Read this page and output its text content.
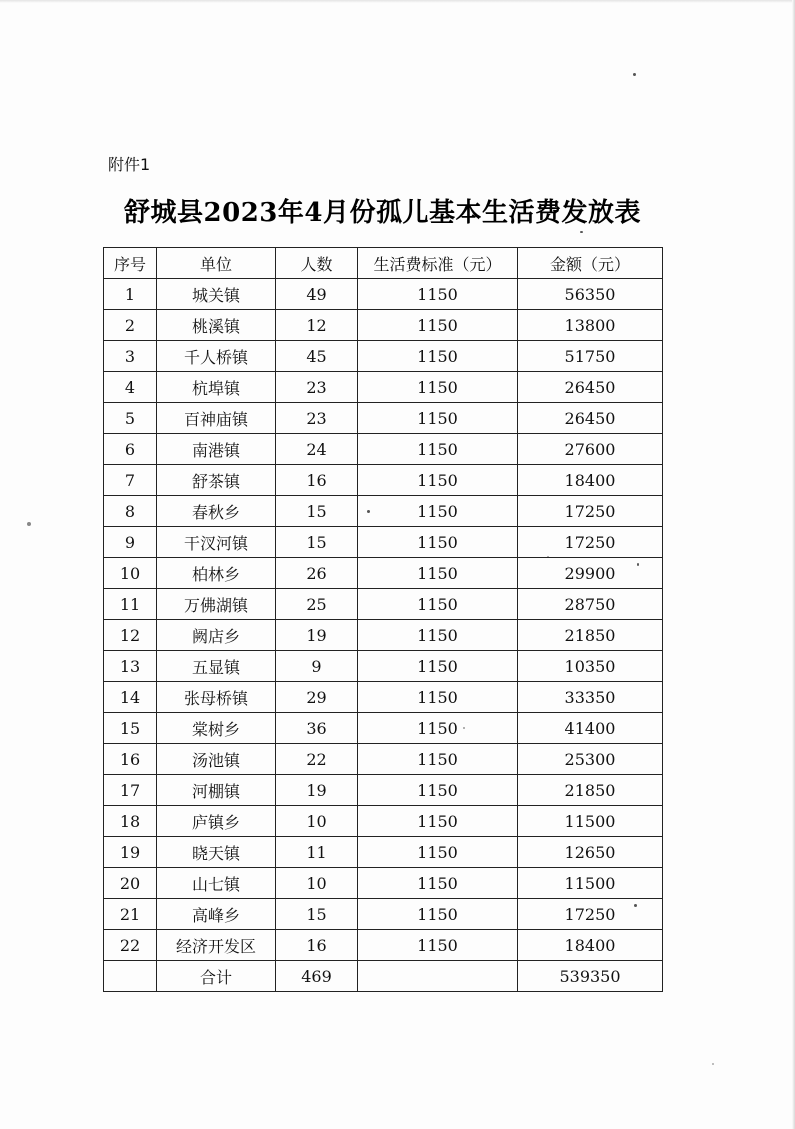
附件1
舒城县2023年4月份孤儿基本生活费发放表
序号	单位	人数	生活费标准（元）	金额（元）
1	城关镇	49	1150	56350
2	桃溪镇	12	1150	13800
3	千人桥镇	45	1150	51750
4	杭埠镇	23	1150	26450
5	百神庙镇	23	1150	26450
6	南港镇	24	1150	27600
7	舒茶镇	16	1150	18400
8	春秋乡	15	1150	17250
9	干汊河镇	15	1150	17250
10	柏林乡	26	1150	29900
11	万佛湖镇	25	1150	28750
12	阙店乡	19	1150	21850
13	五显镇	9	1150	10350
14	张母桥镇	29	1150	33350
15	棠树乡	36	1150	41400
16	汤池镇	22	1150	25300
17	河棚镇	19	1150	21850
18	庐镇乡	10	1150	11500
19	晓天镇	11	1150	12650
20	山七镇	10	1150	11500
21	高峰乡	15	1150	17250
22	经济开发区	16	1150	18400
	合计	469		539350
